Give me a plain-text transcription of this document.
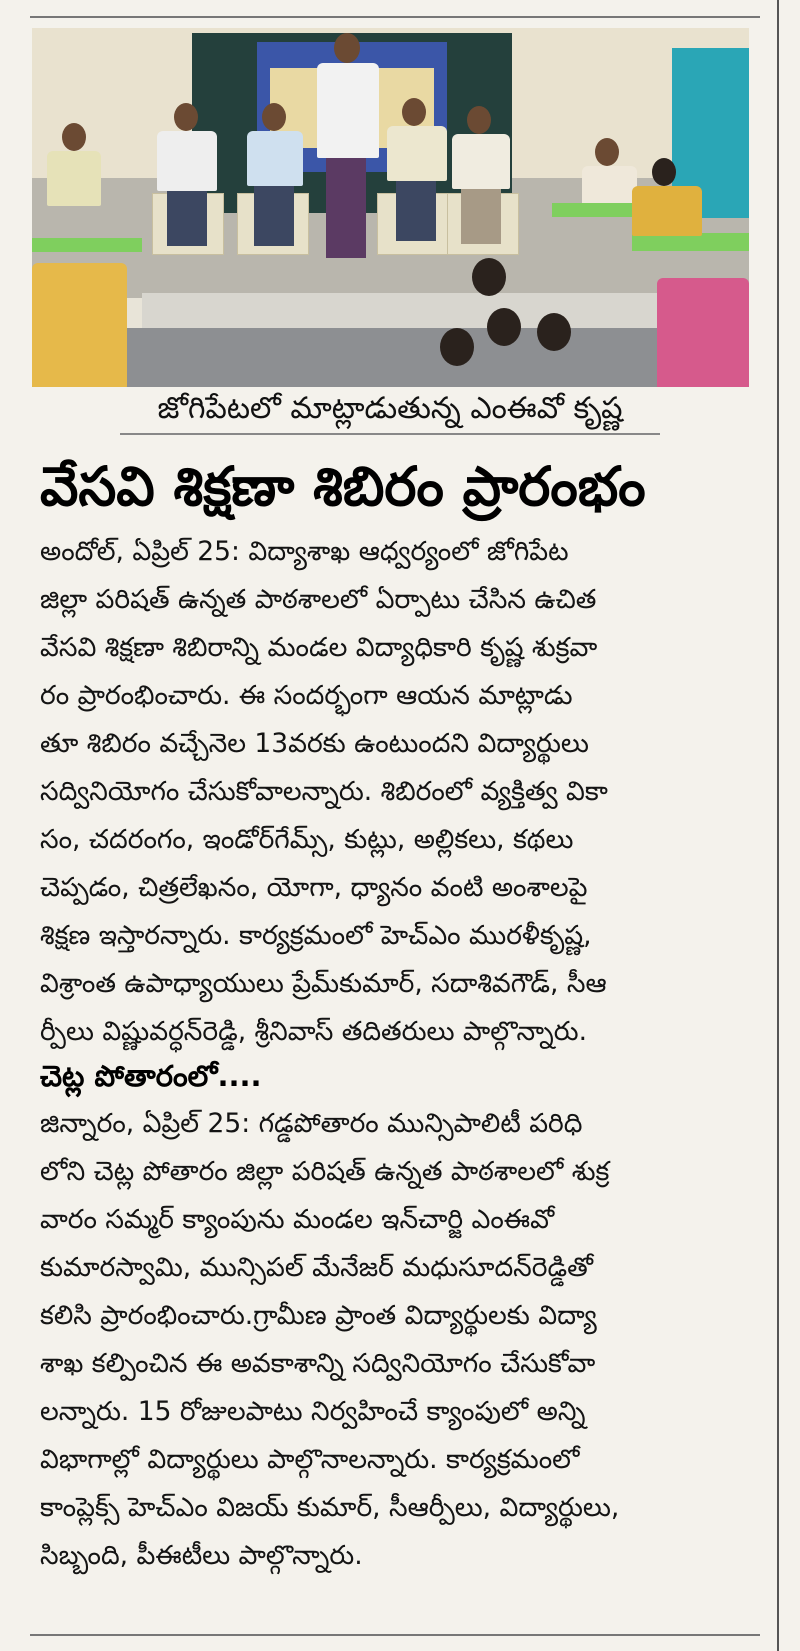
జోగిపేటలో మాట్లాడుతున్న ఎంఈవో కృష్ణ
వేసవి శిక్షణా శిబిరం ప్రారంభం
అందోల్, ఏప్రిల్ 25: విద్యాశాఖ ఆధ్వర్యంలో జోగిపేట
జిల్లా పరిషత్ ఉన్నత పాఠశాలలో ఏర్పాటు చేసిన ఉచిత
వేసవి శిక్షణా శిబిరాన్ని మండల విద్యాధికారి కృష్ణ శుక్రవా
రం ప్రారంభించారు. ఈ సందర్భంగా ఆయన మాట్లాడు
తూ శిబిరం వచ్చేనెల 13వరకు ఉంటుందని విద్యార్థులు
సద్వినియోగం చేసుకోవాలన్నారు. శిబిరంలో వ్యక్తిత్వ వికా
సం, చదరంగం, ఇండోర్‌గేమ్స్, కుట్లు, అల్లికలు, కథలు
చెప్పడం, చిత్రలేఖనం, యోగా, ధ్యానం వంటి అంశాలపై
శిక్షణ ఇస్తారన్నారు. కార్యక్రమంలో హెచ్ఎం మురళీకృష్ణ,
విశ్రాంత ఉపాధ్యాయులు ప్రేమ్‌కుమార్, సదాశివగౌడ్, సీఆ
ర్పీలు విష్ణువర్ధన్‌రెడ్డి, శ్రీనివాస్ తదితరులు పాల్గొన్నారు.
చెట్ల పోతారంలో....
జిన్నారం, ఏప్రిల్ 25: గడ్డపోతారం మున్సిపాలిటీ పరిధి
లోని చెట్ల పోతారం జిల్లా పరిషత్ ఉన్నత పాఠశాలలో శుక్ర
వారం సమ్మర్ క్యాంపును మండల ఇన్‌చార్జి ఎంఈవో
కుమారస్వామి, మున్సిపల్ మేనేజర్ మధుసూదన్‌రెడ్డితో
కలిసి ప్రారంభించారు.గ్రామీణ ప్రాంత విద్యార్థులకు విద్యా
శాఖ కల్పించిన ఈ అవకాశాన్ని సద్వినియోగం చేసుకోవా
లన్నారు. 15 రోజులపాటు నిర్వహించే క్యాంపులో అన్ని
విభాగాల్లో విద్యార్థులు పాల్గొనాలన్నారు. కార్యక్రమంలో
కాంప్లెక్స్ హెచ్ఎం విజయ్ కుమార్, సీఆర్పీలు, విద్యార్థులు,
సిబ్బంది, పీఈటీలు పాల్గొన్నారు.
